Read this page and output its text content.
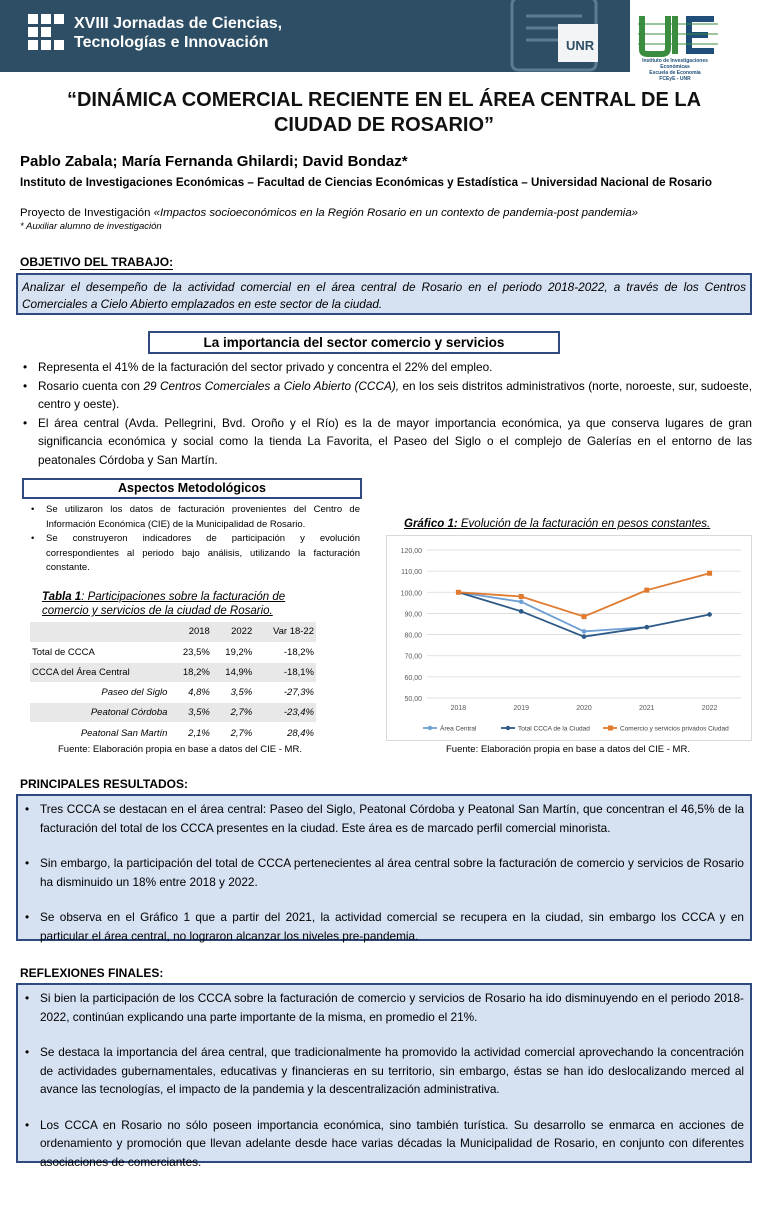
XVIII Jornadas de Ciencias,
Tecnologías e Innovación	UNR
Instituto de Investigaciones Económicas
Escuela de Economía
FCEyE - UNR
“DINÁMICA COMERCIAL RECIENTE EN EL ÁREA CENTRAL DE LA
CIUDAD DE ROSARIO”
Pablo Zabala; María Fernanda Ghilardi; David Bondaz*
Instituto de Investigaciones Económicas – Facultad de Ciencias Económicas y Estadística – Universidad Nacional de Rosario
Proyecto de Investigación «Impactos socioeconómicos en la Región Rosario en un contexto de pandemia-post pandemia»
* Auxiliar alumno de investigación
OBJETIVO DEL TRABAJO:
Analizar el desempeño de la actividad comercial en el área central de Rosario en el periodo 2018-2022, a través de los Centros Comerciales a Cielo Abierto emplazados en este sector de la ciudad.
La importancia del sector comercio y servicios
• Representa el 41% de la facturación del sector privado y concentra el 22% del empleo.
• Rosario cuenta con 29 Centros Comerciales a Cielo Abierto (CCCA), en los seis distritos administrativos (norte, noroeste, sur, sudoeste, centro y oeste).
• El área central (Avda. Pellegrini, Bvd. Oroño y el Río) es la de mayor importancia económica, ya que conserva lugares de gran significancia económica y social como la tienda La Favorita, el Paseo del Siglo o el complejo de Galerías en el entorno de las peatonales Córdoba y San Martín.
Aspectos Metodológicos
• Se utilizaron los datos de facturación provenientes del Centro de Información Económica (CIE) de la Municipalidad de Rosario.
• Se construyeron indicadores de participación y evolución correspondientes al periodo bajo análisis, utilizando la facturación constante.
Tabla 1: Participaciones sobre la facturación de comercio y servicios de la ciudad de Rosario.
	2018	2022	Var 18-22
Total de CCCA	23,5%	19,2%	-18,2%
CCCA del Área Central	18,2%	14,9%	-18,1%
Paseo del Siglo	4,8%	3,5%	-27,3%
Peatonal Córdoba	3,5%	2,7%	-23,4%
Peatonal San Martín	2,1%	2,7%	28,4%
Fuente: Elaboración propia en base a datos del CIE - MR.
Gráfico 1: Evolución de la facturación en pesos constantes.
120,00
110,00
100,00
90,00
80,00
70,00
60,00
50,00
2018	2019	2020	2021	2022
Área Central	Total CCCA de la Ciudad	Comercio y servicios privados Ciudad
Fuente: Elaboración propia en base a datos del CIE - MR.
PRINCIPALES RESULTADOS:
• Tres CCCA se destacan en el área central: Paseo del Siglo, Peatonal Córdoba y Peatonal San Martín, que concentran el 46,5% de la facturación del total de los CCCA presentes en la ciudad. Este área es de marcado perfil comercial minorista.
• Sin embargo, la participación del total de CCCA pertenecientes al área central sobre la facturación de comercio y servicios de Rosario ha disminuido un 18% entre 2018 y 2022.
• Se observa en el Gráfico 1 que a partir del 2021, la actividad comercial se recupera en la ciudad, sin embargo los CCCA y en particular el área central, no lograron alcanzar los niveles pre-pandemia.
REFLEXIONES FINALES:
• Si bien la participación de los CCCA sobre la facturación de comercio y servicios de Rosario ha ido disminuyendo en el periodo 2018-2022, continúan explicando una parte importante de la misma, en promedio el 21%.
• Se destaca la importancia del área central, que tradicionalmente ha promovido la actividad comercial aprovechando la concentración de actividades gubernamentales, educativas y financieras en su territorio, sin embargo, éstas se han ido deslocalizando merced al avance las tecnologías, el impacto de la pandemia y la descentralización administrativa.
• Los CCCA en Rosario no sólo poseen importancia económica, sino también turística. Su desarrollo se enmarca en acciones de ordenamiento y promoción que llevan adelante desde hace varias décadas la Municipalidad de Rosario, en conjunto con diferentes asociaciones de comerciantes.
